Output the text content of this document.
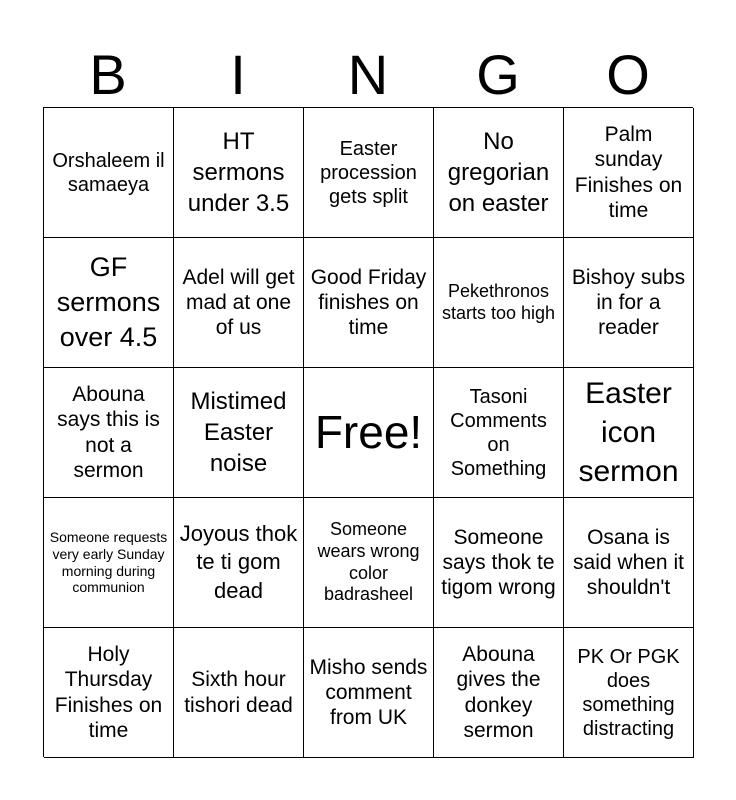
B	I	N	G	O
Orshaleem il samaeya
HT sermons under 3.5
Easter procession gets split
No gregorian on easter
Palm sunday Finishes on time
GF sermons over 4.5
Adel will get mad at one of us
Good Friday finishes on time
Pekethronos starts too high
Bishoy subs in for a reader
Abouna says this is not a sermon
Mistimed Easter noise
Free!
Tasoni Comments on Something
Easter icon sermon
Someone requests very early Sunday morning during communion
Joyous thok te ti gom dead
Someone wears wrong color badrasheel
Someone says thok te tigom wrong
Osana is said when it shouldn't
Holy Thursday Finishes on time
Sixth hour tishori dead
Misho sends comment from UK
Abouna gives the donkey sermon
PK Or PGK does something distracting
